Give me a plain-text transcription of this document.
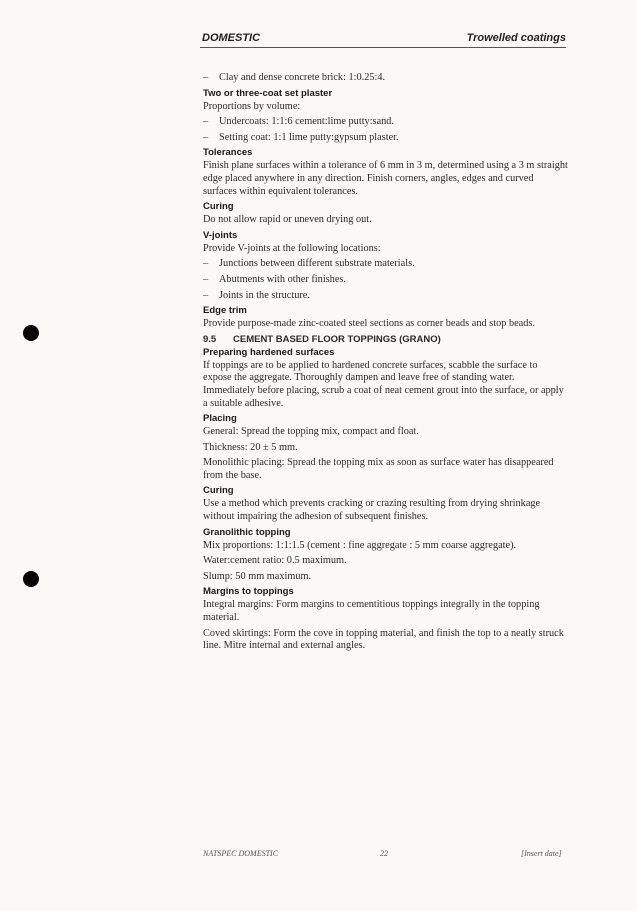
DOMESTIC	Trowelled coatings
– Clay and dense concrete brick: 1:0.25:4.
Two or three-coat set plaster
Proportions by volume:
– Undercoats: 1:1:6 cement:lime putty:sand.
– Setting coat: 1:1 lime putty:gypsum plaster.
Tolerances
Finish plane surfaces within a tolerance of 6 mm in 3 m, determined using a 3 m straight edge placed anywhere in any direction. Finish corners, angles, edges and curved surfaces within equivalent tolerances.
Curing
Do not allow rapid or uneven drying out.
V-joints
Provide V-joints at the following locations:
– Junctions between different substrate materials.
– Abutments with other finishes.
– Joints in the structure.
Edge trim
Provide purpose-made zinc-coated steel sections as corner beads and stop beads.
9.5 CEMENT BASED FLOOR TOPPINGS (GRANO)
Preparing hardened surfaces
If toppings are to be applied to hardened concrete surfaces, scabble the surface to expose the aggregate. Thoroughly dampen and leave free of standing water. Immediately before placing, scrub a coat of neat cement grout into the surface, or apply a suitable adhesive.
Placing
General: Spread the topping mix, compact and float.
Thickness: 20 ± 5 mm.
Monolithic placing: Spread the topping mix as soon as surface water has disappeared from the base.
Curing
Use a method which prevents cracking or crazing resulting from drying shrinkage without impairing the adhesion of subsequent finishes.
Granolithic topping
Mix proportions: 1:1:1.5 (cement : fine aggregate : 5 mm coarse aggregate).
Water:cement ratio: 0.5 maximum.
Slump: 50 mm maximum.
Margins to toppings
Integral margins: Form margins to cementitious toppings integrally in the topping material.
Coved skirtings: Form the cove in topping material, and finish the top to a neatly struck line. Mitre internal and external angles.
NATSPEC DOMESTIC	22	[Insert date]
